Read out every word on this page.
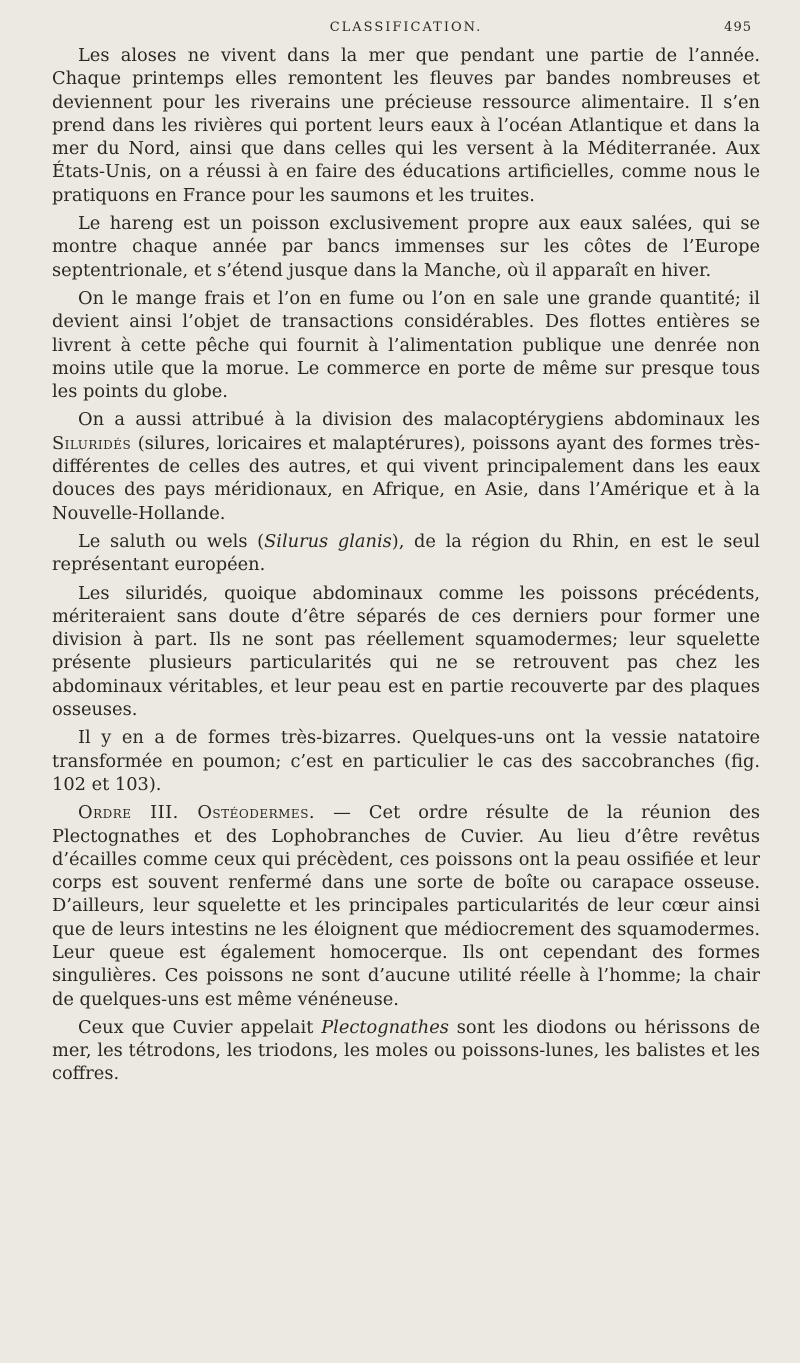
CLASSIFICATION.	495

Les aloses ne vivent dans la mer que pendant une partie de l’année. Chaque printemps elles remontent les fleuves par bandes nombreuses et deviennent pour les riverains une précieuse ressource alimentaire. Il s’en prend dans les rivières qui portent leurs eaux à l’océan Atlantique et dans la mer du Nord, ainsi que dans celles qui les versent à la Méditerranée. Aux États-Unis, on a réussi à en faire des éducations artificielles, comme nous le pratiquons en France pour les saumons et les truites.

Le hareng est un poisson exclusivement propre aux eaux salées, qui se montre chaque année par bancs immenses sur les côtes de l’Europe septentrionale, et s’étend jusque dans la Manche, où il apparaît en hiver.

On le mange frais et l’on en fume ou l’on en sale une grande quantité; il devient ainsi l’objet de transactions considérables. Des flottes entières se livrent à cette pêche qui fournit à l’alimentation publique une denrée non moins utile que la morue. Le commerce en porte de même sur presque tous les points du globe.

On a aussi attribué à la division des malacoptérygiens abdominaux les Siluridés (silures, loricaires et malaptérures), poissons ayant des formes très-différentes de celles des autres, et qui vivent principalement dans les eaux douces des pays méridionaux, en Afrique, en Asie, dans l’Amérique et à la Nouvelle-Hollande.

Le saluth ou wels (Silurus glanis), de la région du Rhin, en est le seul représentant européen.

Les siluridés, quoique abdominaux comme les poissons précédents, mériteraient sans doute d’être séparés de ces derniers pour former une division à part. Ils ne sont pas réellement squamodermes; leur squelette présente plusieurs particularités qui ne se retrouvent pas chez les abdominaux véritables, et leur peau est en partie recouverte par des plaques osseuses.

Il y en a de formes très-bizarres. Quelques-uns ont la vessie natatoire transformée en poumon; c’est en particulier le cas des saccobranches (fig. 102 et 103).

Ordre III. Ostéodermes. — Cet ordre résulte de la réunion des Plectognathes et des Lophobranches de Cuvier. Au lieu d’être revêtus d’écailles comme ceux qui précèdent, ces poissons ont la peau ossifiée et leur corps est souvent renfermé dans une sorte de boîte ou carapace osseuse. D’ailleurs, leur squelette et les principales particularités de leur cœur ainsi que de leurs intestins ne les éloignent que médiocrement des squamodermes. Leur queue est également homocerque. Ils ont cependant des formes singulières. Ces poissons ne sont d’aucune utilité réelle à l’homme; la chair de quelques-uns est même vénéneuse.

Ceux que Cuvier appelait Plectognathes sont les diodons ou hérissons de mer, les tétrodons, les triodons, les moles ou poissons-lunes, les balistes et les coffres.
